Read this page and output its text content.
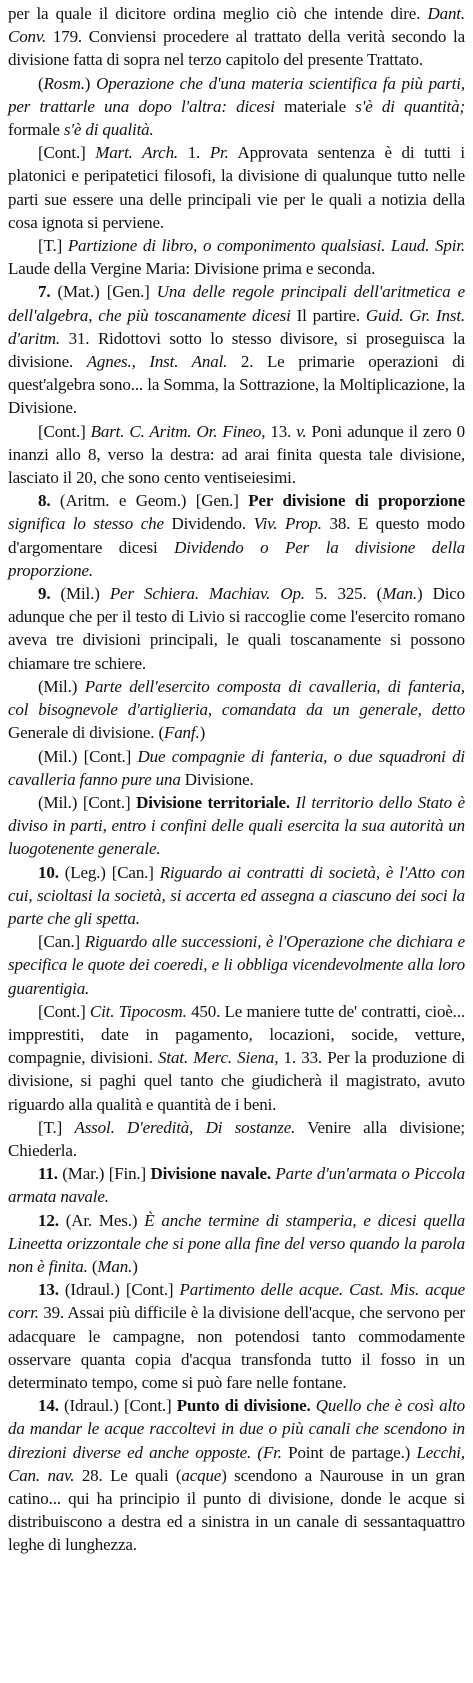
per la quale il dicitore ordina meglio ciò che intende dire. Dant. Conv. 179. Conviensi procedere al trattato della verità secondo la divisione fatta di sopra nel terzo capitolo del presente Trattato.

(Rosm.) Operazione che d'una materia scientifica fa più parti, per trattarle una dopo l'altra: dicesi materiale s'è di quantità; formale s'è di qualità.

[Cont.] Mart. Arch. 1. Pr. Approvata sentenza è di tutti i platonici e peripatetici filosofi, la divisione di qualunque tutto nelle parti sue essere una delle principali vie per le quali a notizia della cosa ignota si perviene.

[T.] Partizione di libro, o componimento qualsiasi. Laud. Spir. Laude della Vergine Maria: Divisione prima e seconda.

7. (Mat.) [Gen.] Una delle regole principali dell'aritmetica e dell'algebra, che più toscanamente dicesi Il partire. Guid. Gr. Inst. d'aritm. 31. Ridottovi sotto lo stesso divisore, si proseguisca la divisione. Agnes., Inst. Anal. 2. Le primarie operazioni di quest'algebra sono... la Somma, la Sottrazione, la Moltiplicazione, la Divisione.

[Cont.] Bart. C. Aritm. Or. Fineo, 13. v. Poni adunque il zero 0 inanzi allo 8, verso la destra: ad arai finita questa tale divisione, lasciato il 20, che sono cento ventiseiesimi.

8. (Aritm. e Geom.) [Gen.] Per divisione di proporzione significa lo stesso che Dividendo. Viv. Prop. 38. E questo modo d'argomentare dicesi Dividendo o Per la divisione della proporzione.

9. (Mil.) Per Schiera. Machiav. Op. 5. 325. (Man.) Dico adunque che per il testo di Livio si raccoglie come l'esercito romano aveva tre divisioni principali, le quali toscanamente si possono chiamare tre schiere.

(Mil.) Parte dell'esercito composta di cavalleria, di fanteria, col bisognevole d'artiglieria, comandata da un generale, detto Generale di divisione. (Fanf.)

(Mil.) [Cont.] Due compagnie di fanteria, o due squadroni di cavalleria fanno pure una Divisione.

(Mil.) [Cont.] Divisione territoriale. Il territorio dello Stato è diviso in parti, entro i confini delle quali esercita la sua autorità un luogotenente generale.

10. (Leg.) [Can.] Riguardo ai contratti di società, è l'Atto con cui, scioltasi la società, si accerta ed assegna a ciascuno dei soci la parte che gli spetta.

[Can.] Riguardo alle successioni, è l'Operazione che dichiara e specifica le quote dei coeredi, e li obbliga vicendevolmente alla loro guarentigia.

[Cont.] Cit. Tipocosm. 450. Le maniere tutte de' contratti, cioè... impprestiti, date in pagamento, locazioni, socide, vetture, compagnie, divisioni. Stat. Merc. Siena, 1. 33. Per la produzione di divisione, si paghi quel tanto che giudicherà il magistrato, avuto riguardo alla qualità e quantità de i beni.

[T.] Assol. D'eredità, Di sostanze. Venire alla divisione; Chiederla.

11. (Mar.) [Fin.] Divisione navale. Parte d'un'armata o Piccola armata navale.

12. (Ar. Mes.) È anche termine di stamperia, e dicesi quella Lineetta orizzontale che si pone alla fine del verso quando la parola non è finita. (Man.)

13. (Idraul.) [Cont.] Partimento delle acque. Cast. Mis. acque corr. 39. Assai più difficile è la divisione dell'acque, che servono per adacquare le campagne, non potendosi tanto commodamente osservare quanta copia d'acqua transfonda tutto il fosso in un determinato tempo, come si può fare nelle fontane.

14. (Idraul.) [Cont.] Punto di divisione. Quello che è così alto da mandar le acque raccoltevi in due o più canali che scendono in direzioni diverse ed anche opposte. (Fr. Point de partage.) Lecchi, Can. nav. 28. Le quali (acque) scendono a Naurouse in un gran catino... qui ha principio il punto di divisione, donde le acque si distribuiscono a destra ed a sinistra in un canale di sessantaquattro leghe di lunghezza.
